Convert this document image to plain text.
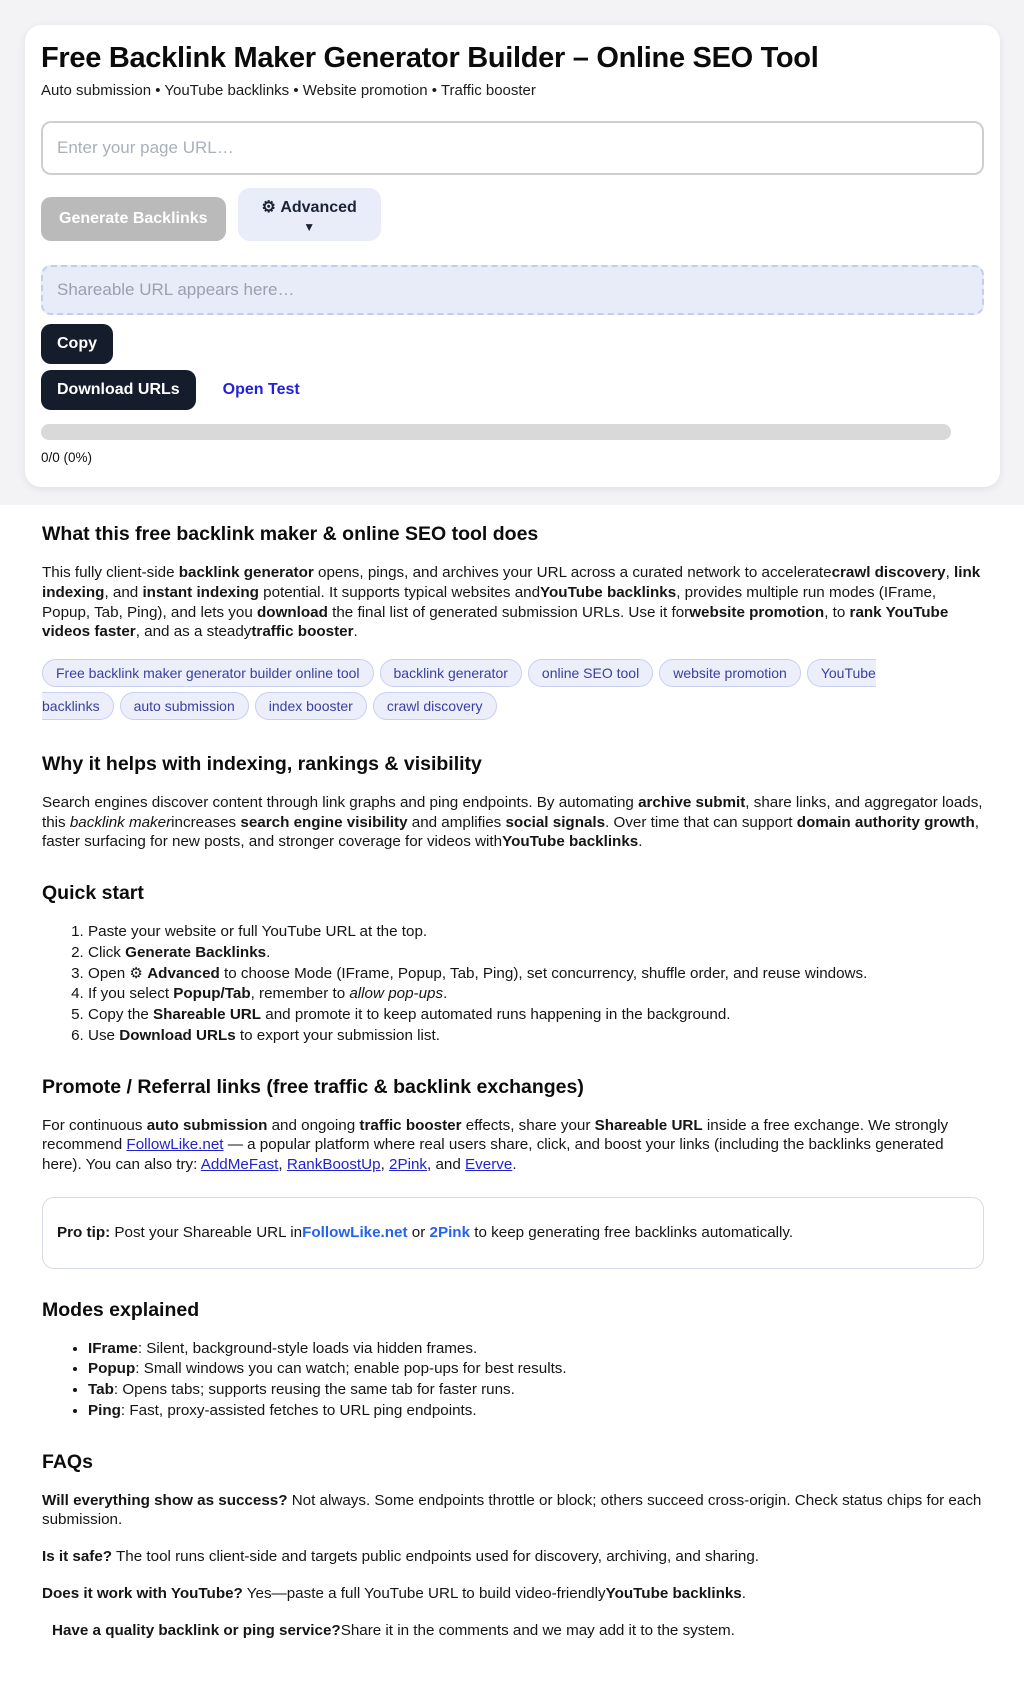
Free Backlink Maker Generator Builder – Online SEO Tool

Auto submission • YouTube backlinks • Website promotion • Traffic booster

Enter your page URL…
Generate Backlinks
⚙ Advanced
▼
Shareable URL appears here…
Copy
Download URLs	Open Test
0/0 (0%)
What this free backlink maker & online SEO tool does

This fully client-side backlink generator opens, pings, and archives your URL across a curated network to acceleratecrawl discovery, link indexing, and instant indexing potential. It supports typical websites andYouTube backlinks, provides multiple run modes (IFrame, Popup, Tab, Ping), and lets you download the final list of generated submission URLs. Use it forwebsite promotion, to rank YouTube videos faster, and as a steadytraffic booster.

Free backlink maker generator builder online tool backlink generator online SEO tool website promotion YouTube backlinks auto submission index booster crawl discovery
Why it helps with indexing, rankings & visibility

Search engines discover content through link graphs and ping endpoints. By automating archive submit, share links, and aggregator loads, this backlink makerincreases search engine visibility and amplifies social signals. Over time that can support domain authority growth, faster surfacing for new posts, and stronger coverage for videos withYouTube backlinks.

Quick start
1. Paste your website or full YouTube URL at the top.
2. Click Generate Backlinks.
3. Open ⚙ Advanced to choose Mode (IFrame, Popup, Tab, Ping), set concurrency, shuffle order, and reuse windows.
4. If you select Popup/Tab, remember to allow pop-ups.
5. Copy the Shareable URL and promote it to keep automated runs happening in the background.
6. Use Download URLs to export your submission list.
Promote / Referral links (free traffic & backlink exchanges)

For continuous auto submission and ongoing traffic booster effects, share your Shareable URL inside a free exchange. We strongly recommend FollowLike.net — a popular platform where real users share, click, and boost your links (including the backlinks generated here). You can also try: AddMeFast, RankBoostUp, 2Pink, and Everve.

Pro tip: Post your Shareable URL inFollowLike.net or 2Pink to keep generating free backlinks automatically.

Modes explained
• IFrame: Silent, background-style loads via hidden frames.
• Popup: Small windows you can watch; enable pop-ups for best results.
• Tab: Opens tabs; supports reusing the same tab for faster runs.
• Ping: Fast, proxy-assisted fetches to URL ping endpoints.
FAQs

Will everything show as success? Not always. Some endpoints throttle or block; others succeed cross-origin. Check status chips for each submission.

Is it safe? The tool runs client-side and targets public endpoints used for discovery, archiving, and sharing.

Does it work with YouTube? Yes—paste a full YouTube URL to build video-friendlyYouTube backlinks.

Have a quality backlink or ping service?Share it in the comments and we may add it to the system.
